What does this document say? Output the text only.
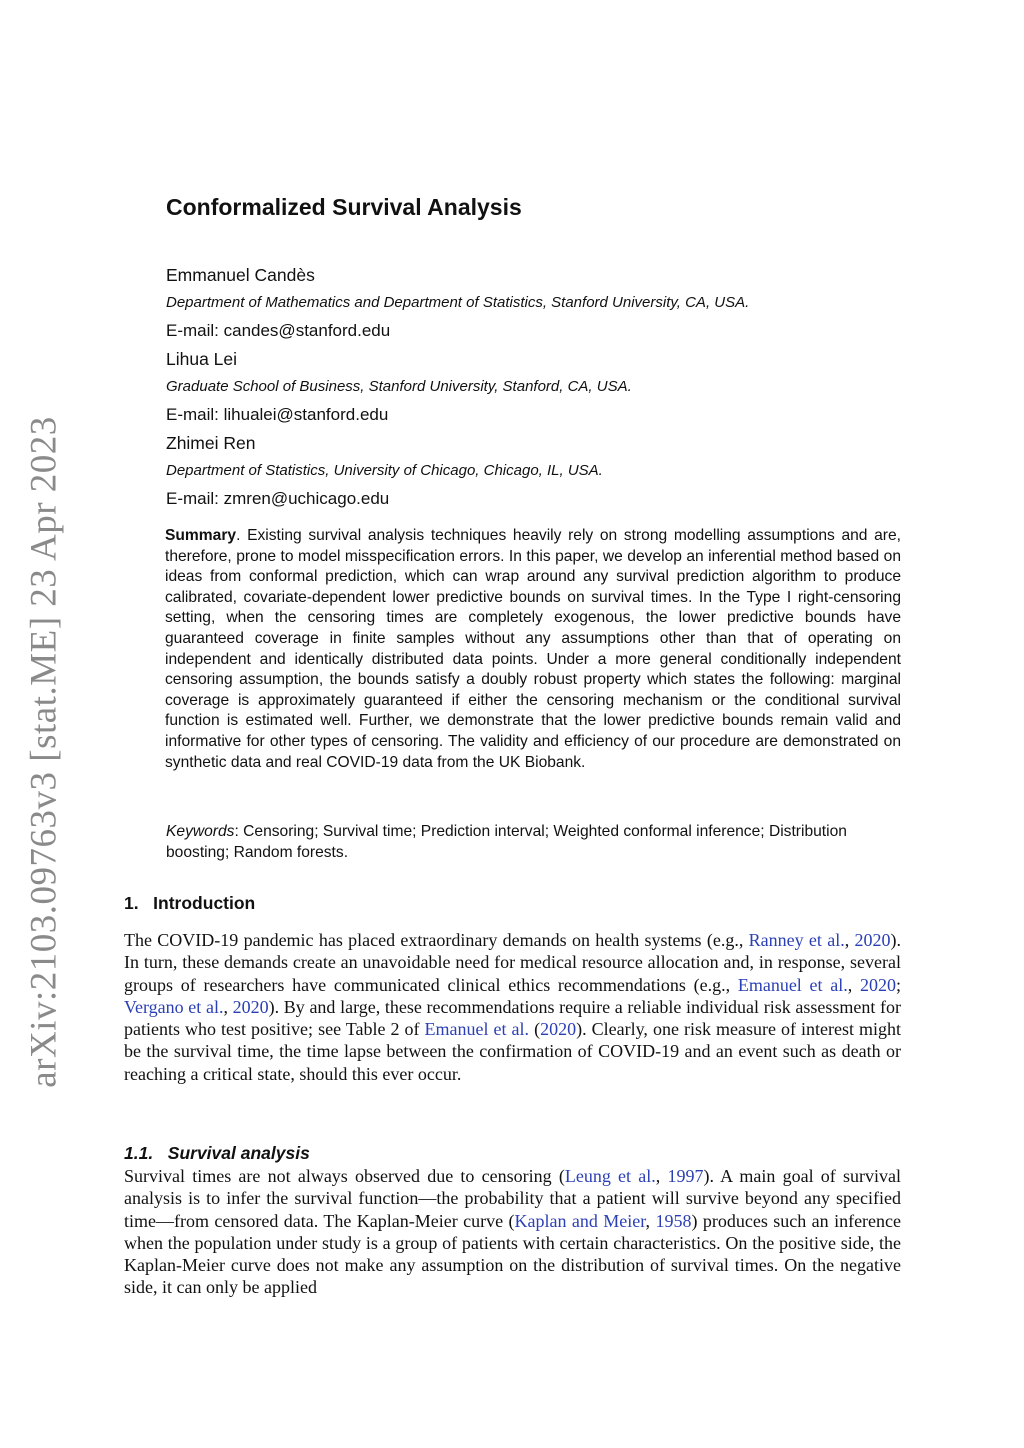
arXiv:2103.09763v3 [stat.ME] 23 Apr 2023
Conformalized Survival Analysis
Emmanuel Candès
Department of Mathematics and Department of Statistics, Stanford University, CA, USA.
E-mail: candes@stanford.edu
Lihua Lei
Graduate School of Business, Stanford University, Stanford, CA, USA.
E-mail: lihualei@stanford.edu
Zhimei Ren
Department of Statistics, University of Chicago, Chicago, IL, USA.
E-mail: zmren@uchicago.edu

Summary. Existing survival analysis techniques heavily rely on strong modelling assumptions and are, therefore, prone to model misspecification errors. In this paper, we develop an inferential method based on ideas from conformal prediction, which can wrap around any survival prediction algorithm to produce calibrated, covariate-dependent lower predictive bounds on survival times. In the Type I right-censoring setting, when the censoring times are completely exogenous, the lower predictive bounds have guaranteed coverage in finite samples without any assumptions other than that of operating on independent and identically distributed data points. Under a more general conditionally independent censoring assumption, the bounds satisfy a doubly robust property which states the following: marginal coverage is approximately guaranteed if either the censoring mechanism or the conditional survival function is estimated well. Further, we demonstrate that the lower predictive bounds remain valid and informative for other types of censoring. The validity and efficiency of our procedure are demonstrated on synthetic data and real COVID-19 data from the UK Biobank.

Keywords: Censoring; Survival time; Prediction interval; Weighted conformal inference; Distribution boosting; Random forests.

1.   Introduction

The COVID-19 pandemic has placed extraordinary demands on health systems (e.g., Ranney et al., 2020). In turn, these demands create an unavoidable need for medical resource allocation and, in response, several groups of researchers have communicated clinical ethics recommendations (e.g., Emanuel et al., 2020; Vergano et al., 2020). By and large, these recommendations require a reliable individual risk assessment for patients who test positive; see Table 2 of Emanuel et al. (2020). Clearly, one risk measure of interest might be the survival time, the time lapse between the confirmation of COVID-19 and an event such as death or reaching a critical state, should this ever occur.

1.1.   Survival analysis

Survival times are not always observed due to censoring (Leung et al., 1997). A main goal of survival analysis is to infer the survival function—the probability that a patient will survive beyond any specified time—from censored data. The Kaplan-Meier curve (Kaplan and Meier, 1958) produces such an inference when the population under study is a group of patients with certain characteristics. On the positive side, the Kaplan-Meier curve does not make any assumption on the distribution of survival times. On the negative side, it can only be applied
